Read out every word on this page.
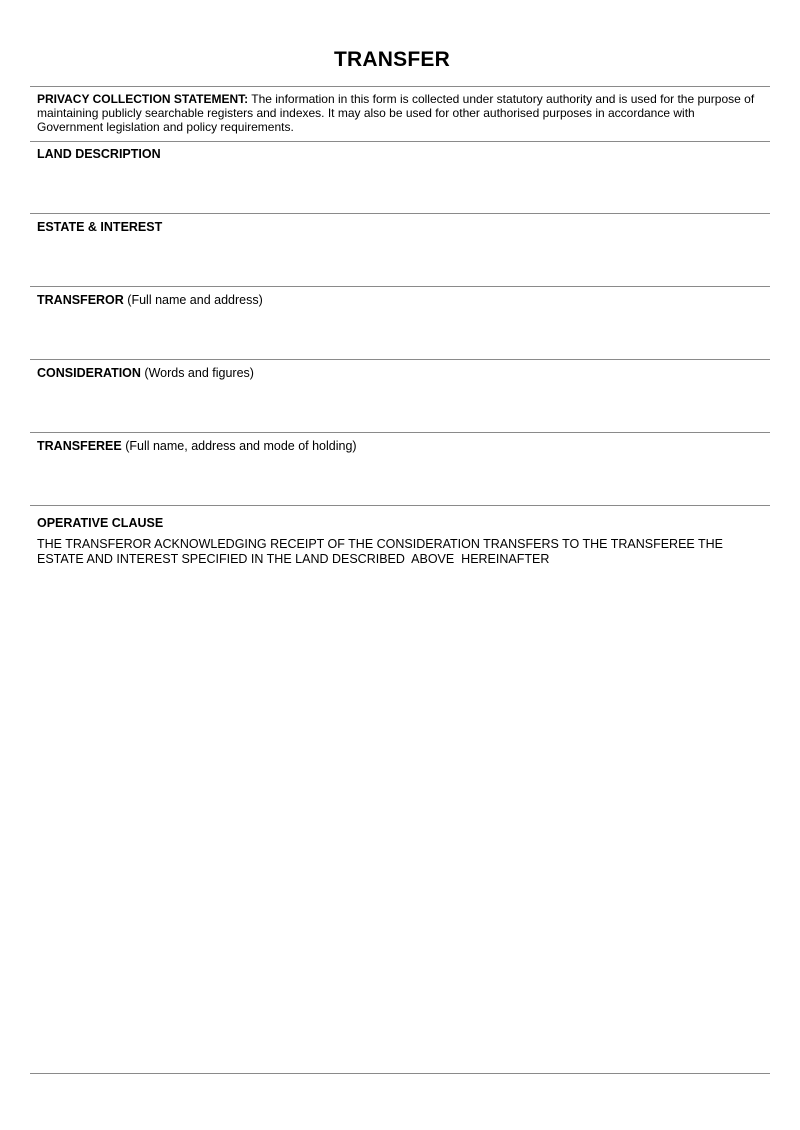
TRANSFER
PRIVACY COLLECTION STATEMENT: The information in this form is collected under statutory authority and is used for the purpose of maintaining publicly searchable registers and indexes. It may also be used for other authorised purposes in accordance with Government legislation and policy requirements.
LAND DESCRIPTION
ESTATE & INTEREST
TRANSFEROR (Full name and address)
CONSIDERATION (Words and figures)
TRANSFEREE (Full name, address and mode of holding)
OPERATIVE CLAUSE
THE TRANSFEROR ACKNOWLEDGING RECEIPT OF THE CONSIDERATION TRANSFERS TO THE TRANSFEREE THE ESTATE AND INTEREST SPECIFIED IN THE LAND DESCRIBED  ABOVE  HEREINAFTER
